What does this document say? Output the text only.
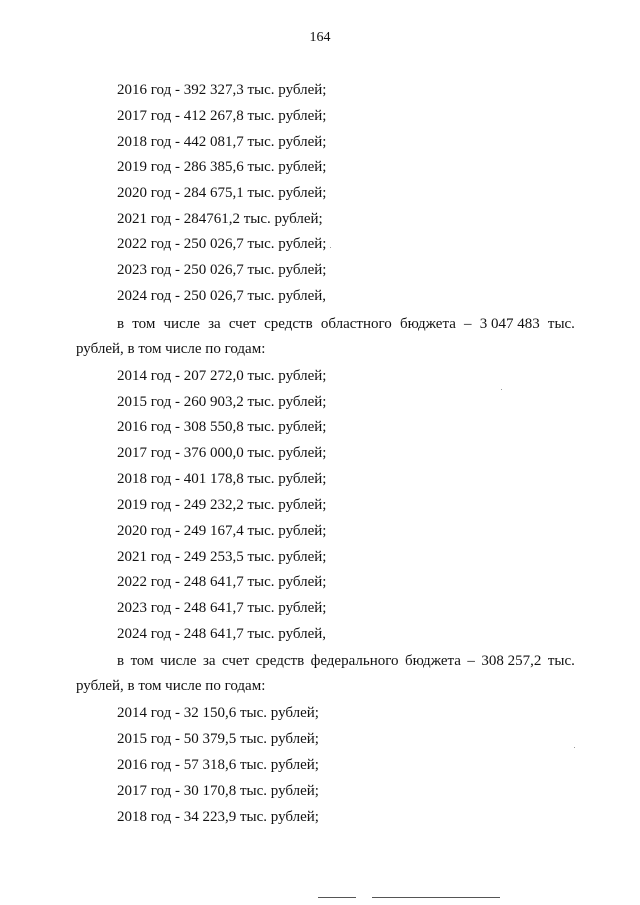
164
2016 год - 392 327,3 тыс. рублей;
2017 год - 412 267,8 тыс. рублей;
2018 год - 442 081,7 тыс. рублей;
2019 год - 286 385,6 тыс. рублей;
2020 год - 284 675,1 тыс. рублей;
2021 год - 284761,2 тыс. рублей;
2022 год - 250 026,7 тыс. рублей;
2023 год - 250 026,7 тыс. рублей;
2024 год - 250 026,7 тыс. рублей,
в том числе за счет средств областного бюджета – 3 047 483 тыс.
рублей, в том числе по годам:
2014 год - 207 272,0 тыс. рублей;
2015 год - 260 903,2 тыс. рублей;
2016 год - 308 550,8 тыс. рублей;
2017 год - 376 000,0 тыс. рублей;
2018 год - 401 178,8 тыс. рублей;
2019 год - 249 232,2 тыс. рублей;
2020 год - 249 167,4 тыс. рублей;
2021 год - 249 253,5 тыс. рублей;
2022 год - 248 641,7 тыс. рублей;
2023 год - 248 641,7 тыс. рублей;
2024 год - 248 641,7 тыс. рублей,
в том числе за счет средств федерального бюджета – 308 257,2 тыс.
рублей, в том числе по годам:
2014 год - 32 150,6 тыс. рублей;
2015 год - 50 379,5 тыс. рублей;
2016 год - 57 318,6 тыс. рублей;
2017 год - 30 170,8 тыс. рублей;
2018 год - 34 223,9 тыс. рублей;
